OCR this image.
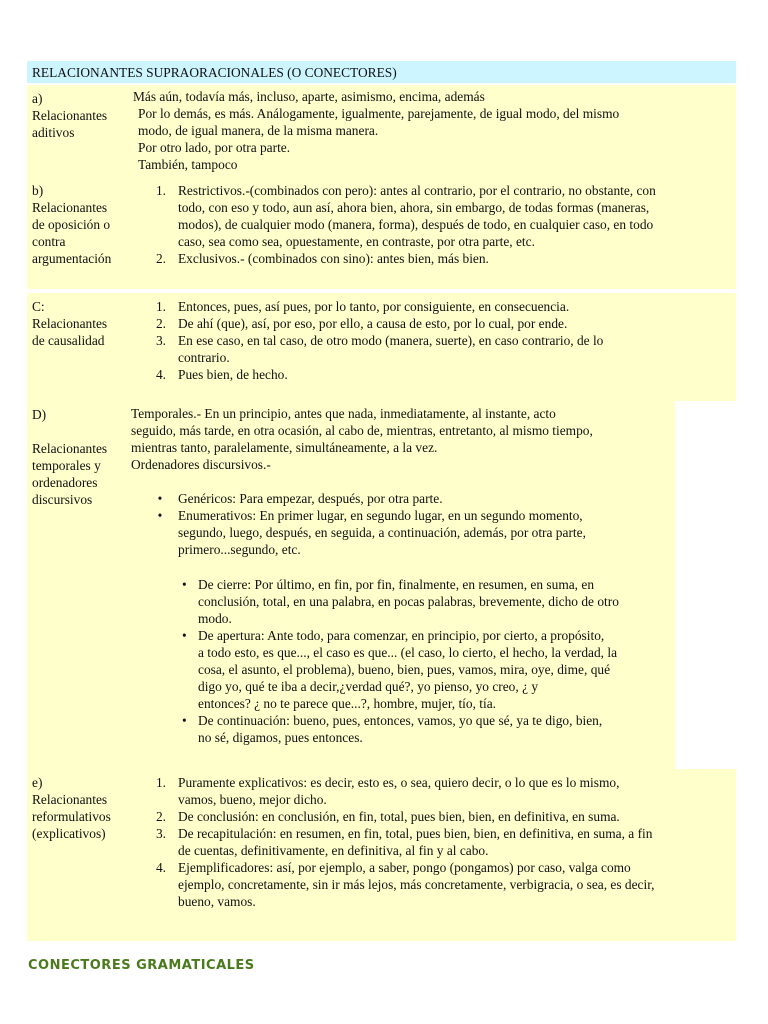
RELACIONANTES SUPRAORACIONALES (O CONECTORES)
a)
Relacionantes
aditivos
Más aún, todavía más, incluso, aparte, asimismo, encima, además
Por lo demás, es más. Análogamente, igualmente, parejamente, de igual modo, del mismo
modo, de igual manera, de la misma manera.
Por otro lado, por otra parte.
También, tampoco
b)
Relacionantes
de oposición o
contra
argumentación
1. Restrictivos.-(combinados con pero): antes al contrario, por el contrario, no obstante, con
todo, con eso y todo, aun así, ahora bien, ahora, sin embargo, de todas formas (maneras,
modos), de cualquier modo (manera, forma), después de todo, en cualquier caso, en todo
caso, sea como sea, opuestamente, en contraste, por otra parte, etc.
2. Exclusivos.- (combinados con sino): antes bien, más bien.
C:
Relacionantes
de causalidad
1. Entonces, pues, así pues, por lo tanto, por consiguiente, en consecuencia.
2. De ahí (que), así, por eso, por ello, a causa de esto, por lo cual, por ende.
3. En ese caso, en tal caso, de otro modo (manera, suerte), en caso contrario, de lo
contrario.
4. Pues bien, de hecho.
D)

Relacionantes
temporales y
ordenadores
discursivos
Temporales.- En un principio, antes que nada, inmediatamente, al instante, acto
seguido, más tarde, en otra ocasión, al cabo de, mientras, entretanto, al mismo tiempo,
mientras tanto, paralelamente, simultáneamente, a la vez.
Ordenadores discursivos.-
• Genéricos: Para empezar, después, por otra parte.
• Enumerativos: En primer lugar, en segundo lugar, en un segundo momento,
segundo, luego, después, en seguida, a continuación, además, por otra parte,
primero...segundo, etc.
• De cierre: Por último, en fin, por fin, finalmente, en resumen, en suma, en
conclusión, total, en una palabra, en pocas palabras, brevemente, dicho de otro
modo.
• De apertura: Ante todo, para comenzar, en principio, por cierto, a propósito,
a todo esto, es que..., el caso es que... (el caso, lo cierto, el hecho, la verdad, la
cosa, el asunto, el problema), bueno, bien, pues, vamos, mira, oye, dime, qué
digo yo, qué te iba a decir,¿verdad qué?, yo pienso, yo creo, ¿ y
entonces? ¿ no te parece que...?, hombre, mujer, tío, tía.
• De continuación: bueno, pues, entonces, vamos, yo que sé, ya te digo, bien,
no sé, digamos, pues entonces.
e)
Relacionantes
reformulativos
(explicativos)
1. Puramente explicativos: es decir, esto es, o sea, quiero decir, o lo que es lo mismo,
vamos, bueno, mejor dicho.
2. De conclusión: en conclusión, en fin, total, pues bien, bien, en definitiva, en suma.
3. De recapitulación: en resumen, en fin, total, pues bien, bien, en definitiva, en suma, a fin
de cuentas, definitivamente, en definitiva, al fin y al cabo.
4. Ejemplificadores: así, por ejemplo, a saber, pongo (pongamos) por caso, valga como
ejemplo, concretamente, sin ir más lejos, más concretamente, verbigracia, o sea, es decir,
bueno, vamos.
CONECTORES GRAMATICALES
